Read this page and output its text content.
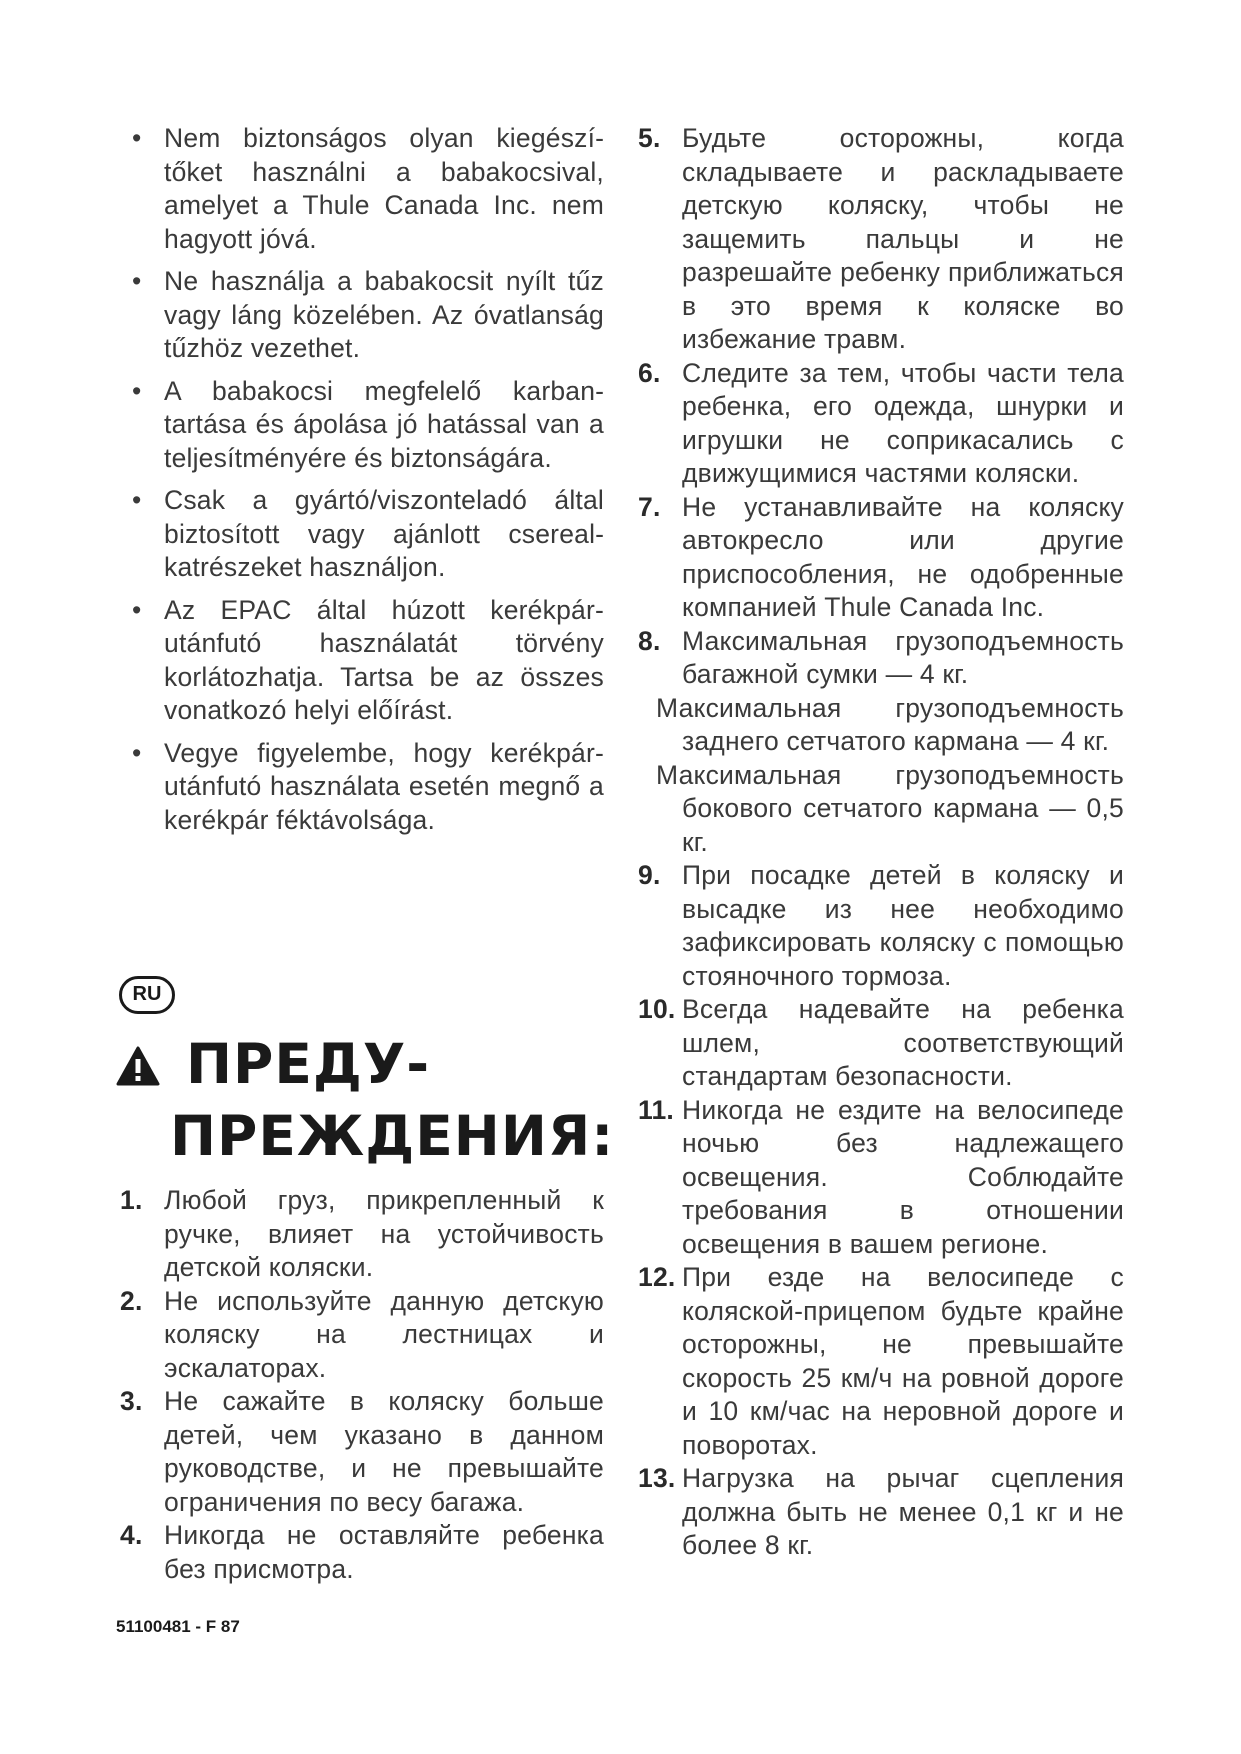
• Nem biztonságos olyan kiegészítőket használni a babakocsival, amelyet a Thule Canada Inc. nem hagyott jóvá.
• Ne használja a babakocsit nyílt tűz vagy láng közelében. Az óvatlanság tűzhöz vezethet.
• A babakocsi megfelelő karbantartása és ápolása jó hatással van a teljesítményére és biztonságára.
• Csak a gyártó/viszonteladó által biztosított vagy ajánlott cserealkatrészeket használjon.
• Az EPAC által húzott kerékpár-utánfutó használatát törvény korlátozhatja. Tartsa be az összes vonatkozó helyi előírást.
• Vegye figyelembe, hogy kerékpár-utánfutó használata esetén megnő a kerékpár féktávolsága.
RU
ПРЕДУ-
ПРЕЖДЕНИЯ:
1. Любой груз, прикрепленный к ручке, влияет на устойчивость детской коляски.
2. Не используйте данную детскую коляску на лестницах и эскалаторах.
3. Не сажайте в коляску больше детей, чем указано в данном руководстве, и не превышайте ограничения по весу багажа.
4. Никогда не оставляйте ребенка без присмотра.
5. Будьте осторожны, когда складываете и раскладываете детскую коляску, чтобы не защемить пальцы и не разрешайте ребенку приближаться в это время к коляске во избежание травм.
6. Следите за тем, чтобы части тела ребенка, его одежда, шнурки и игрушки не соприкасались с движущимися частями коляски.
7. Не устанавливайте на коляску автокресло или другие приспособления, не одобренные компанией Thule Canada Inc.
8. Максимальная грузоподъемность багажной сумки — 4 кг.

Максимальная грузоподъемность заднего сетчатого кармана — 4 кг.

Максимальная грузоподъемность бокового сетчатого кармана — 0,5 кг.

9. При посадке детей в коляску и высадке из нее необходимо зафиксировать коляску с помощью стояночного тормоза.
10. Всегда надевайте на ребенка шлем, соответствующий стандартам безопасности.
11. Никогда не ездите на велосипеде ночью без надлежащего освещения. Соблюдайте требования в отношении освещения в вашем регионе.
12. При езде на велосипеде с коляской-прицепом будьте крайне осторожны, не превышайте скорость 25 км/ч на ровной дороге и 10 км/час на неровной дороге и поворотах.
13. Нагрузка на рычаг сцепления должна быть не менее 0,1 кг и не более 8 кг.
51100481 - F 87
